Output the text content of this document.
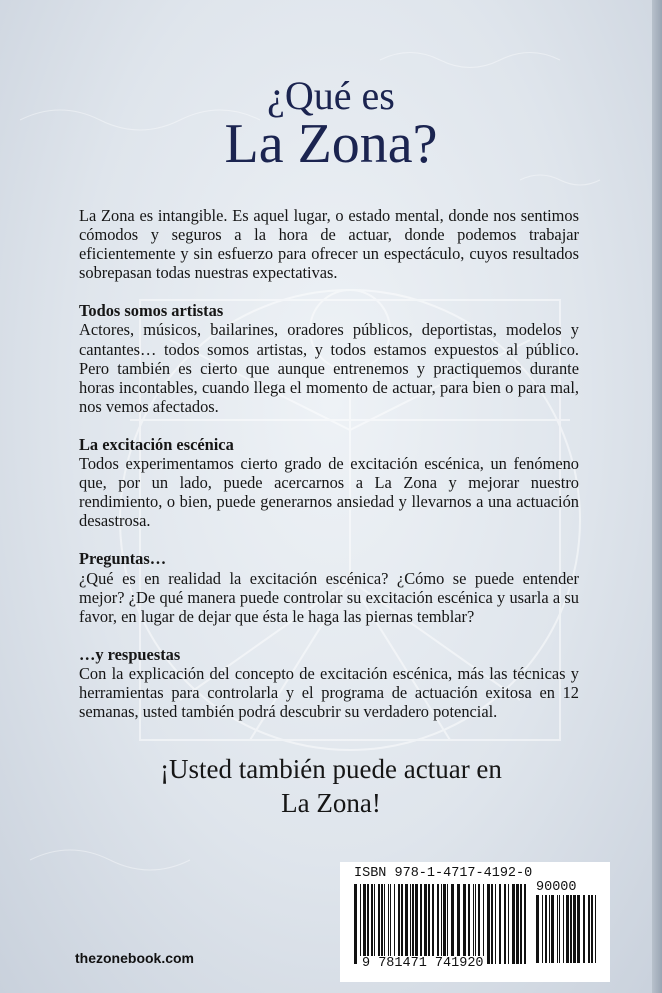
¿Qué es
La Zona?

La Zona es intangible. Es aquel lugar, o estado mental, donde nos sentimos cómodos y seguros a la hora de actuar, donde podemos trabajar eficientemente y sin esfuerzo para ofrecer un espectáculo, cuyos resultados sobrepasan todas nuestras expectativas.

Todos somos artistas
Actores, músicos, bailarines, oradores públicos, deportistas, modelos y cantantes… todos somos artistas, y todos estamos expuestos al público. Pero también es cierto que aunque entrenemos y practiquemos durante horas incontables, cuando llega el momento de actuar, para bien o para mal, nos vemos afectados.

La excitación escénica
Todos experimentamos cierto grado de excitación escénica, un fenómeno que, por un lado, puede acercarnos a La Zona y mejorar nuestro rendimiento, o bien, puede generarnos ansiedad y llevarnos a una actuación desastrosa.

Preguntas…
¿Qué es en realidad la excitación escénica? ¿Cómo se puede entender mejor? ¿De qué manera puede controlar su excitación escénica y usarla a su favor, en lugar de dejar que ésta le haga las piernas temblar?

…y respuestas
Con la explicación del concepto de excitación escénica, más las técnicas y herramientas para controlarla y el programa de actuación exitosa en 12 semanas, usted también podrá descubrir su verdadero potencial.

¡Usted también puede actuar en
La Zona!
thezonebook.com
ISBN 978-1-4717-4192-0
90000
9 781471 741920
